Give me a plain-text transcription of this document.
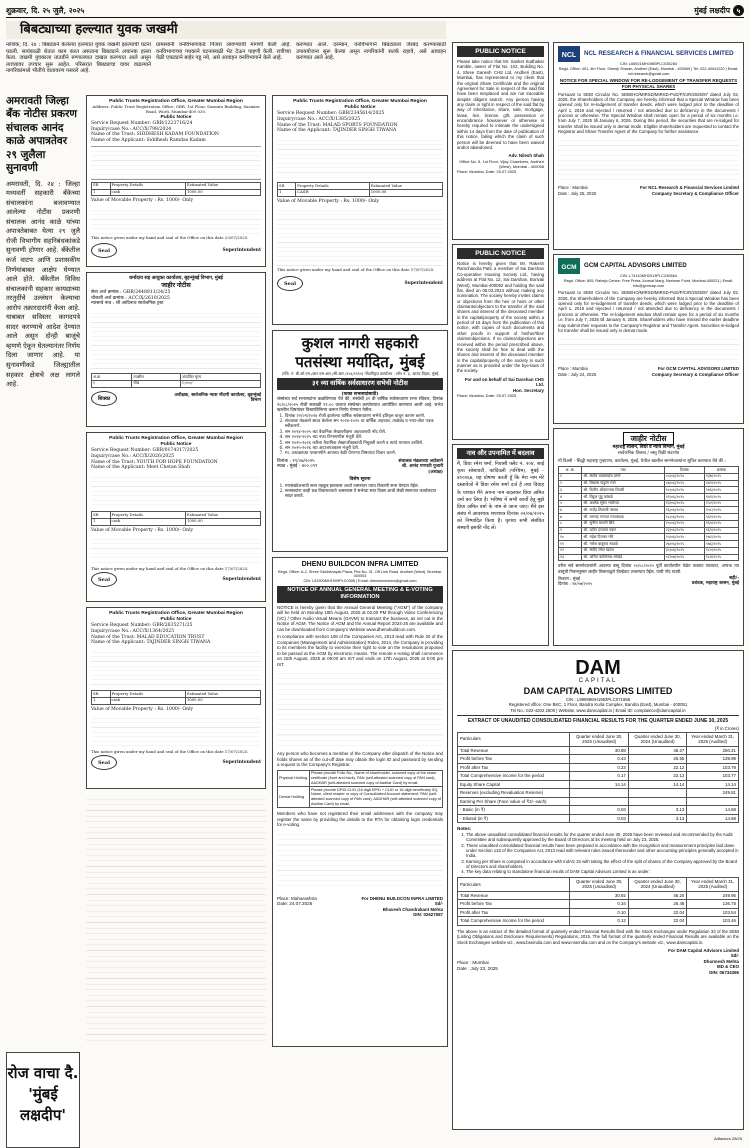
शुक्रवार, दि. २५ जुलै, २०२५	मुंबई लक्षदीप ५
बिबट्याच्या हल्ल्यात युवक जखमी
नाशिक, दि. २४ : बिबट्याने केलेल्या हल्ल्यात युवक जखमी झाल्याची घटना घडली. सायंकाळी शेतात काम करत असताना बिबट्याने अचानक हल्ला केला. जखमी युवकाला तातडीने रुग्णालयात दाखल करण्यात आले असून त्याच्यावर उपचार सुरू आहेत. परिसरात बिबट्याचा वावर वाढल्याने नागरिकांमध्ये भीतीचे वातावरण पसरले आहे.
ग्रामस्थांनी वनविभागाकडे पिंजरा लावण्याची मागणी केली आहे. वनविभागाच्या पथकाने घटनास्थळी भेट देऊन पाहणी केली. रात्रीच्या वेळी एकट्याने बाहेर पडू नये, असे आवाहन वनविभागाने केले आहे.
करण्यात आले. दरम्यान, वनविभागाने बिबट्याला जेरबंद करण्यासाठी उपाययोजना सुरू केल्या असून नागरिकांनी सतर्क राहावे, असे आवाहन करण्यात आले आहे.
अमरावती जिल्हा बँक नोटीस प्रकरण संचालक आनंद काळे अपात्रतेवर २९ जुलैला सुनावणी
अमरावती, दि. २४ : जिल्हा मध्यवर्ती सहकारी बँकेच्या संचालकांना बजावण्यात आलेल्या नोटीस प्रकरणी संचालक आनंद काळे यांच्या अपात्रतेबाबत येत्या २९ जुलै रोजी विभागीय सहनिबंधकांकडे सुनावणी होणार आहे. बँकेतील कर्ज वाटप आणि प्रशासकीय निर्णयांबाबत आक्षेप घेण्यात आले होते. बँकेतील विविध संचालकांनी सहकार कायद्याच्या तरतुदींचे उल्लंघन केल्याचा आरोप तक्रारदारांनी केला आहे. याबाबत सविस्तर कागदपत्रे सादर करण्याचे आदेश देण्यात आले असून दोन्ही बाजूंचे म्हणणे ऐकून घेतल्यानंतर निर्णय दिला जाणार आहे. या सुनावणीकडे जिल्ह्यातील सहकार क्षेत्राचे लक्ष लागले आहे.
रोज वाचा दै. 'मुंबई लक्षदीप'
Public Trusts Registration Office, Greater Mumbai Region
Address: Public Trust Registration Office, GBR, 1st Floor, Sasmira Building, Sasmira Road, Worli, Mumbai-400 030.
Public Notice
Service Request Number: GBR/1223716/24
Inquiry/case No.: ACC/X/798/2024
Name of the Trust: SIDDHESH KADAM FOUNDATION
Name of the Applicant: Siddhesh Ramdas Kadam
SR	Property Details	Estimated Value
1	cash	1000.00
Value of Movable Property : Rs. 1000/- Only
This notice given under my hand and seal of the Office on this date 23/07/2025.
Seal	Superintendent
धर्मादाय सह आयुक्त कार्यालय, बृहन्मुंबई विभाग, मुंबई
जाहीर नोटीस
सेवा अर्ज क्रमांक : GBR/2448911/24/25
चौकशी अर्ज क्रमांक : ACC/X/2610/2025
न्यासाचे नाव : श्री आदिनाथ सार्वजनिक ट्रस्ट
अ.क्र.	तपशील	अंदाजित मूल्य
१	रोख	१,०००/-
शिक्का
अधीक्षक, सार्वजनिक न्यास नोंदणी कार्यालय, बृहन्मुंबई विभाग
Public Trusts Registration Office, Greater Mumbai Region
Public Notice
Service Request Number: GBR/0174317/2025
Inquiry/case No.: ACC/X/2026/2025
Name of the Trust: YOUTH FOR HOPE FOUNDATION
Name of the Applicant: Meet Chetan Shah
SR	Property Details	Estimated Value
1	cash	1000.00
Value of Movable Property : Rs. 1000/- Only
This notice given under my hand and seal of the Office on this date 17/07/2025.
Seal	Superintendent
Public Trusts Registration Office, Greater Mumbai Region
Public Notice
Service Request Number: GBR/2635271/25
Inquiry/case No.: ACC/X/1364/2025
Name of the Trust: MALAD EDUCATION TRUST
Name of the Applicant: TAJINDER SINGH TIWANA
SR	Property Details	Estimated Value
1	cash	1000.00
Value of Movable Property : Rs. 1000/- Only
This notice given under my hand and seal of the Office on this date 17/07/2025.
Seal	Superintendent
Public Trusts Registration Office, Greater Mumbai Region
Public Notice
Service Request Number: GBR/2345614/2025
Inquiry/case No.: ACC/X/1385/2025
Name of the Trust: MALAD SPORTS FOUNDATION
Name of the Applicant: TAJINDER SINGH TIWANA
SR	Property Details	Estimated Value
1	CASH	1000.00
Value of Movable Property : Rs. 1000/- Only
This notice given under my hand and seal of the Office on this date 17/07/2025.
Seal	Superintendent
कुशल नागरी सहकारी पतसंस्था मर्यादित, मुंबई
(रजि. नं. बी.ओ.एम./आर.एस.आर./सी.आर./१०६/१९९५) नोंदणीकृत कार्यालय : शॉप नं. ३, आनंद विहार, मुंबई
३१ व्या वार्षिक सर्वसाधारण सभेची नोटीस
(फक्त सभासदांसाठी)
संस्थेच्या सर्व सभासदांना कळविण्यात येते की, संस्थेची ३१ वी वार्षिक सर्वसाधारण सभा रविवार, दिनांक १०/०८/२०२५ रोजी सकाळी ११.०० वाजता संस्थेच्या कार्यालयात आयोजित करण्यात आली आहे. सभेत खालील विषयांवर विचारविनिमय करून निर्णय घेण्यात येतील.
1. दिनांक २२/०९/२०२४ रोजी झालेल्या वार्षिक सर्वसाधारण सभेचे इतिवृत्त वाचून कायम करणे.
2. संचालक मंडळाने सादर केलेला सन २०२४-२०२५ चा वार्षिक अहवाल, ताळेबंद व नफा-तोटा पत्रक स्वीकारणे.
3. सन २०२४-२०२५ च्या वैधानिक लेखापरीक्षण अहवालाची नोंद घेणे.
4. सन २०२४-२०२५ च्या नफा विभागणीस मंजुरी देणे.
5. सन २०२५-२०२६ करिता वैधानिक लेखापरीक्षकांची नियुक्ती करणे व त्यांचे मानधन ठरविणे.
6. सन २०२५-२०२६ च्या अंदाजपत्रकास मंजुरी देणे.
7. मा. अध्यक्षांच्या परवानगीने आयत्या वेळी येणाऱ्या विषयांचा विचार करणे.
दिनांक : १९/०७/२०२५
स्थळ : मुंबई - ४०० ०९९
संचालक मंडळाच्या आदेशाने
श्री. आनंद गणपती पुजारी
(अध्यक्ष)
विशेष सूचना
1. गणसंख्येअभावी सभा तहकूब झाल्यास अर्ध्या तासानंतर त्याच ठिकाणी सभा घेण्यात येईल.
2. सभासदांना काही प्रश्न विचारावयाचे असल्यास ते सभेच्या सात दिवस आधी लेखी स्वरूपात कार्यालयात सादर करावे.
DHENU BUILDCON INFRA LIMITED
Regd. Office: A-2, Shree Siddivinayak Plaza, Plot No. 31, Off Link Road, Andheri (West), Mumbai-400053
CIN: L51900MH1909PLC0306 | Email: dhenuinvestors@gmail.com
NOTICE OF ANNUAL GENERAL MEETING & E-VOTING INFORMATION
NOTICE is hereby given that the Annual General Meeting ("AGM") of the company will be held on Monday 18th August, 2025 at 02.00 PM through Video Conferencing (VC) / Other Audio Visual Means (OAVM) to transact the business, as set out in the Notice of AGM. The Notice of AGM and the Annual Report 2024-25 are available and can be downloaded from Company's Website www.dhenubuildcon.com.
In compliance with section 108 of the Companies Act, 2013 read with Rule 20 of the Companies (Management and Administration) Rules, 2014, the Company is providing to its members the facility to exercise their right to vote on the resolutions proposed to be passed at the AGM by electronic means. The remote e-voting shall commence on 15th August, 2025 at 09:00 am IST and ends on 17th August, 2025 at 5:00 pm IST.
Any person who becomes a member of the Company after dispatch of the Notice and holds shares as of the cut-off date may obtain the login ID and password by sending a request to the Company's Registrar.
Physical Holding	Please provide Folio No., Name of shareholder, scanned copy of the share certificate (front and back), PAN (self-attested scanned copy of PAN card), AADHAR (self-attested scanned copy of Aadhar Card) by email.
Demat Holding	Please provide DPID-CLID (16 digit DPID + CLID or 16 digit beneficiary ID), Name, client master or copy of Consolidated Account statement, PAN (self-attested scanned copy of PAN card), AADHAR (self-attested scanned copy of Aadhar Card) by email.
Members who have not registered their email addresses with the company may register the same by providing the details to the RTA for obtaining login credentials for e-voting.
Place: Maharashtra
Date: 24.07.2025
For DHENU BUILDCON INFRA LIMITED
Sd/-
Bhavesh Chandrakant Mehta
DIN: 02627587
PUBLIC NOTICE
Please take notice that Mr. Sanket Sudhakar Kamble, owner of Flat No. 102, Building No. 4, Shree Ganesh CHS Ltd, Andheri (East), Mumbai, has represented to my client that the original Share Certificate and the original Agreement for Sale in respect of the said flat have been misplaced and are not traceable despite diligent search. Any person having any claim or right in respect of the said flat by way of inheritance, share, sale, mortgage, lease, lien, license, gift, possession or encumbrance howsoever or otherwise is hereby required to intimate the undersigned within 14 days from the date of publication of this notice, failing which the claim of such person will be deemed to have been waived and/or abandoned.
Adv. Nilesh Shah
Office No. 5, 1st Floor, Vijay Chambers, Andheri (West), Mumbai - 400058
Place: Mumbai, Date: 25.07.2025
PUBLIC NOTICE
Notice is hereby given that Mr. Rakesh Ramchandra Patil, a member of Sai Darshan Co-operative Housing Society Ltd., having address at Flat No. 12, Sai Darshan, Borivali (West), Mumbai-400092 and holding the said flat, died on 05.02.2024 without making any nomination. The society hereby invites claims or objections from the heir or heirs or other claimants/objectors to the transfer of the said shares and interest of the deceased member in the capital/property of the society within a period of 15 days from the publication of this notice, with copies of such documents and other proofs in support of his/her/their claims/objections. If no claims/objections are received within the period prescribed above, the society shall be free to deal with the shares and interest of the deceased member in the capital/property of the society in such manner as is provided under the bye-laws of the society.
For and on behalf of Sai Darshan CHS Ltd.
Hon. Secretary
Place: Mumbai, Date: 25.07.2025
नाव और उपनामित में बदलाव
मैं, प्रिया रमेश शर्मा, निवासी फ्लैट नं. २०४, साई कृपा सोसायटी, कांदिवली (पश्चिम), मुंबई - ४०००६७, यह घोषणा करती हूँ कि मेरा नाम मेरे दस्तावेजों में प्रिया रमेश शर्मा दर्ज है तथा विवाह के पश्चात मैंने अपना नाम बदलकर प्रिया अमित वर्मा कर लिया है। भविष्य में सभी कार्यों हेतु मुझे प्रिया अमित वर्मा के नाम से जाना जाए। मैंने इस संबंध में आवश्यक शपथपत्र दिनांक २२/०७/२०२५ को निष्पादित किया है। कृपया सभी संबंधित संस्थाएँ इसकी नोंद लें।
NCL NCL RESEARCH & FINANCIAL SERVICES LIMITED
CIN: L65921MH1985PLC035284
Regd. Office: 401, 4th Floor, Shreeji Sharan, Andheri (East), Mumbai - 400069 | Tel: 022-40041220 | Email: ncl.research@gmail.com
NOTICE FOR SPECIAL WINDOW FOR RE-LODGEMENT OF TRANSFER REQUESTS FOR PHYSICAL SHARES
Pursuant to SEBI Circular No. SEBI/HO/MIRSD/MIRSD-PoD/P/CIR/2025/97 dated July 02, 2025, the Shareholders of the Company are hereby informed that a Special Window has been opened only for re-lodgement of transfer deeds, which were lodged prior to the deadline of April 1, 2019 and rejected / returned / not attended due to deficiency in the documents / process or otherwise. The Special Window shall remain open for a period of six months i.e. from July 7, 2025 till January 6, 2026. During this period, the securities that are re-lodged for transfer shall be issued only in demat mode. Eligible shareholders are requested to contact the Registrar and Share Transfer Agent of the Company for further assistance.
Place : Mumbai
Date : July 25, 2025
For NCL Research & Financial Services Limited
Company Secretary & Compliance Officer
GCM GCM CAPITAL ADVISORS LIMITED
CIN: L74110MH2013PLC240564
Regd. Office: 805, Raheja Centre, Free Press Journal Marg, Nariman Point, Mumbai-400021 | Email: info@gcmcap.com
Pursuant to SEBI Circular No. SEBI/HO/MIRSD/MIRSD-PoD/P/CIR/2025/97 dated July 02, 2025, the Shareholders of the Company are hereby informed that a Special Window has been opened only for re-lodgement of transfer deeds, which were lodged prior to the deadline of April 1, 2019 and rejected / returned / not attended due to deficiency in the documents / process or otherwise. The re-lodgement window shall remain open for a period of six months i.e. from July 7, 2025 till January 6, 2026. Shareholders who have missed the earlier deadline may submit their requests to the Company's Registrar and Transfer Agent. Securities re-lodged for transfer shall be issued only in demat mode.
Place : Mumbai
Date : July 24, 2025
For GCM CAPITAL ADVISORS LIMITED
Company Secretary & Compliance Officer
जाहीर नोटीस
महाराष्ट्र शासन, विधी व न्याय विभाग, मुंबई
सार्वजनिक लिलाव / वस्तू विक्री संदर्भात
मी दिल्ली - सिद्धी महाराष्ट्र गुन्हाण्या, कार्यालय, मुंबई, येथील खालील सामनेवाल्यांना सूचित करण्यात येते की :
अ. क्र.	नाव	दिनांक	क्रमांक
१	श्री. संतोष बाबासाहेब डांगरे	०५/०६/२०२५	१३७/२०२५
२	श्री. विकास पांडुरंग माने	०७/०६/२०२५	१४१/२०२५
३	श्री. दिलीप ओंकारनाथ तिवारी	१०/०६/२०२५	१४६/२०२५
४	श्री. विठ्ठल पुंडू कांबळे	११/०६/२०२५	१४९/२०२५
५	श्री. अशोक सुरेश भालेराव	१३/०६/२०२५	१५२/२०२५
६	श्री. राजेंद्र शिवाजी जाधव	१६/०६/२०२५	१५८/२०२५
७	श्री. रामचंद्र गणपत गायकवाड	१८/०६/२०२५	१६१/२०२५
८	श्री. सुनील मारुती शिंदे	२०/०६/२०२५	१६५/२०२५
९	श्री. प्रदीप दत्तात्रय पवार	२३/०६/२०२५	१६९/२०२५
१०	श्री. महेश दिनकर मोरे	२५/०६/२०२५	१७२/२०२५
११	श्री. गणेश बाबुराव साळवे	२७/०६/२०२५	१७६/२०२५
१२	श्री. संदीप रमेश खरात	३०/०६/२०२५	१८०/२०२५
१३	श्री. अनिल काशिनाथ लोखंडे	०२/०७/२०२५	१८४/२०२५
वरील सर्व सामनेवाल्यांनी आपल्या वस्तू दिनांक १०/०८/२०२५ पूर्वी कार्यालयीन वेळेत ताब्यात घ्याव्यात, अन्यथा त्या वस्तूंची नियमानुसार जाहीर लिलावाद्वारे विल्हेवाट लावण्यात येईल, याची नोंद घ्यावी.
ठिकाण : मुंबई
दिनांक : २४/०७/२०२५
सही/-
प्रबंधक, महाराष्ट्र शासन, मुंबई
DAM
CAPITAL
DAM CAPITAL ADVISORS LIMITED
CIN : L99999MH1993PLC071865
Registered office: One BKC, 1 Floor, Bandra Kurla Complex, Bandra (East), Mumbai - 400051
Tel No.: 022-4202 2500 | Website: www.damcapital.in | Email ID: complaince@damcapital.in
EXTRACT OF UNAUDITED CONSOLIDATED FINANCIAL RESULTS FOR THE QUARTER ENDED JUNE 30, 2025
(₹ in Crores)
Particulars	Quarter ended June 30, 2025 (Unaudited)	Quarter ended June 30, 2024 (Unaudited)	Year ended March 31, 2025 (Audited)
Total Revenue	30.88	46.27	250.21
Profit before Tax	0.43	26.55	139.98
Profit after Tax	0.23	22.12	103.79
Total Comprehensive Income for the period	0.17	22.13	103.77
Equity Share Capital	14.14	14.14	14.14
Reserves (excluding Revaluation Reserve)			249.81
Earning Per Share (Face value of ₹2/- each)			
- Basic (in ₹)	0.03	3.13	14.68
- Diluted (in ₹)	0.03	3.13	14.68
Notes:
1. The above unaudited consolidated financial results for the quarter ended June 30, 2025 have been reviewed and recommended by the Audit Committee and subsequently approved by the Board of Directors at its meeting held on July 23, 2025.
2. These unaudited consolidated financial results have been prepared in accordance with the recognition and measurement principles laid down under Section 133 of the Companies Act, 2013 read with relevant rules issued thereunder and other accounting principles generally accepted in India.
3. Earning per Share is computed in accordance with IndAS 33 with taking the effect of the split of shares of the Company approved by the Board of Directors and shareholders.
4. The key data relating to standalone financial results of DAM Capital Advisors Limited is as under:
Particulars	Quarter ended June 30, 2025 (Unaudited)	Quarter ended June 30, 2024 (Unaudited)	Year ended March 31, 2025 (Audited)
Total Revenue	30.92	46.20	249.95
Profit before Tax	0.34	26.48	136.78
Profit after Tax	0.10	22.04	103.54
Total Comprehensive Income for the period	0.12	22.04	103.46
The above is an extract of the detailed format of quarterly ended Financial Results filed with the Stock Exchanges under Regulation 33 of the SEBI (Listing Obligations and Disclosure Requirements) Regulations, 2015. The full format of the quarterly ended Financial Results are available on the Stock Exchanges website viz., www.bseindia.com and www.nseindia.com and on the Company's website viz., www.damcapital.in.
Place : Mumbai
Date : July 23, 2025
For DAM Capital Advisors Limited
Sd/-
Dharmesh Mehta
MD & CEO
DIN: 06734366
Adfactors 28/25
